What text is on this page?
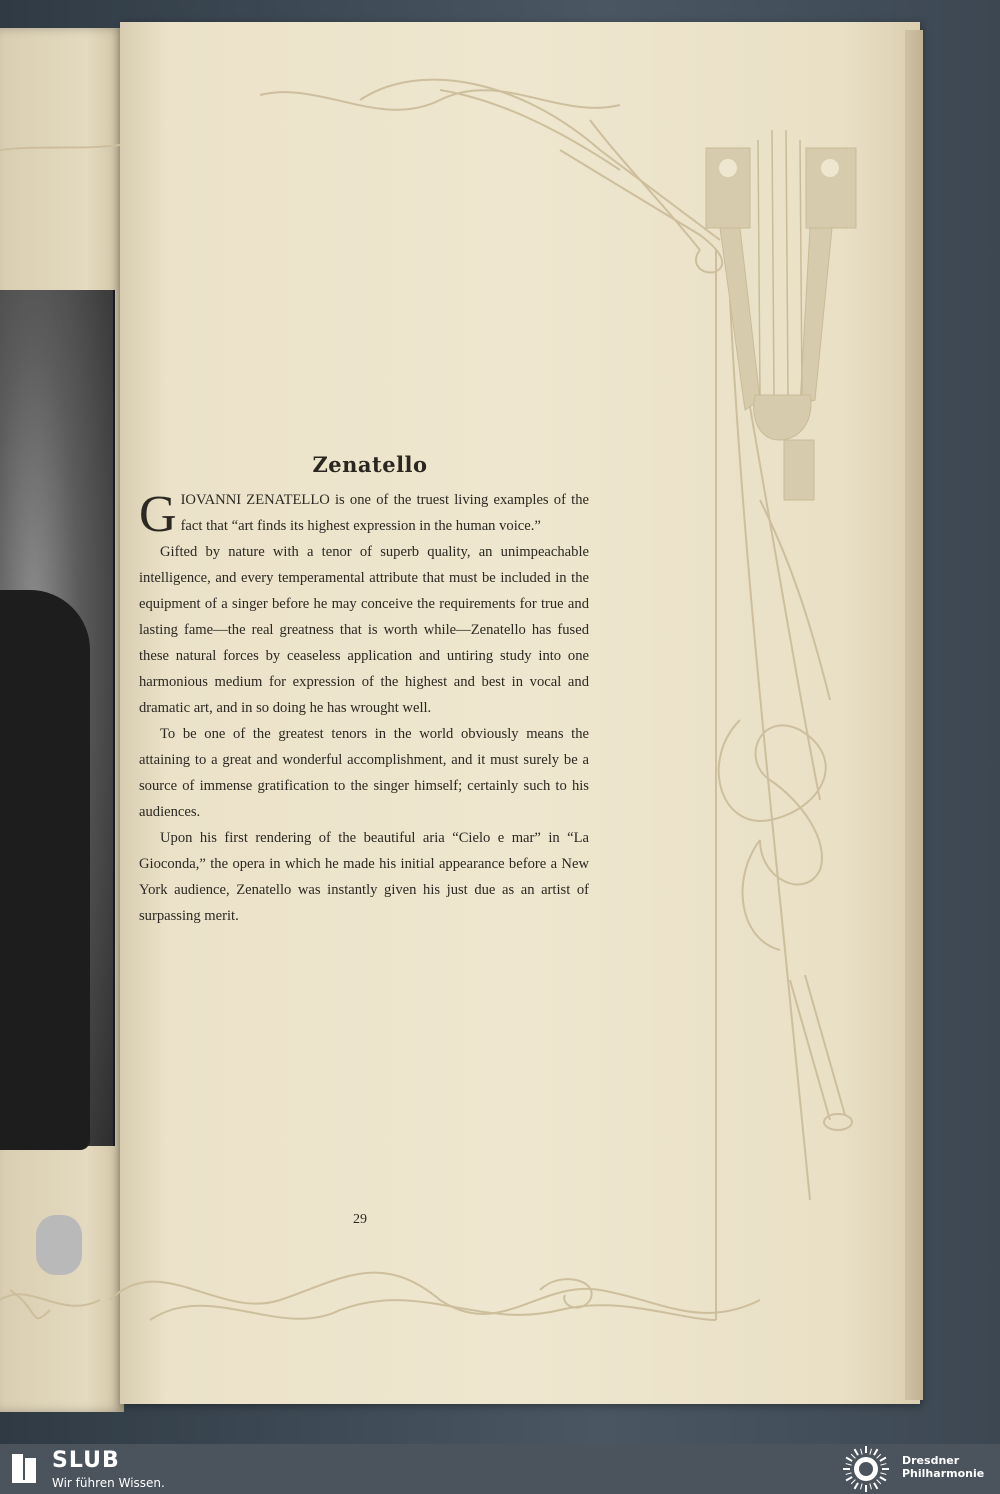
Zenatello

GIOVANNI ZENATELLO is one of the truest living examples of the fact that “art finds its highest expression in the human voice.”

Gifted by nature with a tenor of superb quality, an unimpeachable intelligence, and every temperamental attribute that must be included in the equipment of a singer before he may conceive the requirements for true and lasting fame—the real greatness that is worth while—Zenatello has fused these natural forces by ceaseless application and untiring study into one harmonious medium for expression of the highest and best in vocal and dramatic art, and in so doing he has wrought well.

To be one of the greatest tenors in the world obviously means the attaining to a great and wonderful accomplishment, and it must surely be a source of immense gratification to the singer himself; certainly such to his audiences.

Upon his first rendering of the beautiful aria “Cielo e mar” in “La Gioconda,” the opera in which he made his initial appearance before a New York audience, Zenatello was instantly given his just due as an artist of surpassing merit.

29
SLUB
Wir führen Wissen.
Dresdner
Philharmonie
